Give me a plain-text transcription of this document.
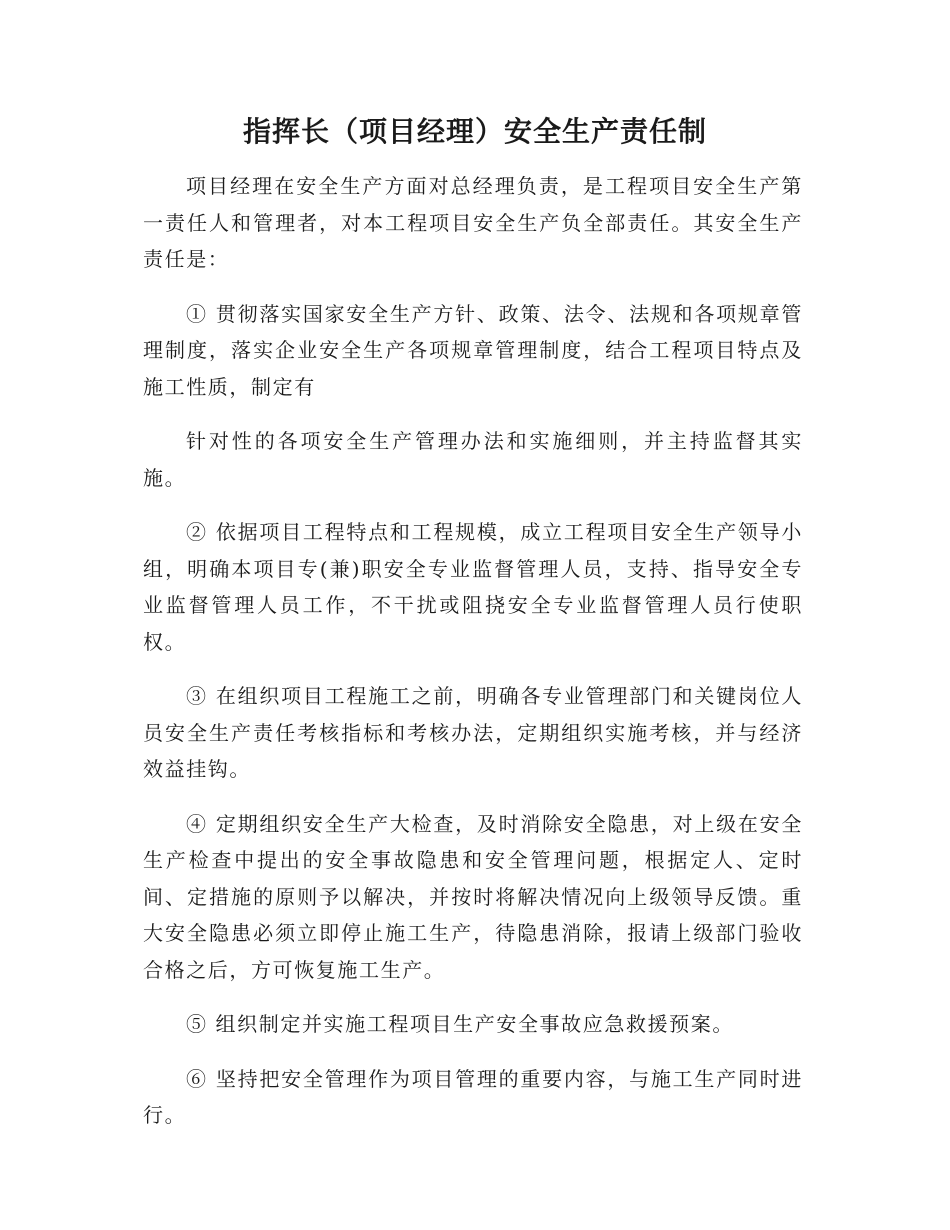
指挥长（项目经理）安全生产责任制

项目经理在安全生产方面对总经理负责，是工程项目安全生产第一责任人和管理者，对本工程项目安全生产负全部责任。其安全生产责任是：

① 贯彻落实国家安全生产方针、政策、法令、法规和各项规章管理制度，落实企业安全生产各项规章管理制度，结合工程项目特点及施工性质，制定有

针对性的各项安全生产管理办法和实施细则，并主持监督其实施。

② 依据项目工程特点和工程规模，成立工程项目安全生产领导小组，明确本项目专(兼)职安全专业监督管理人员，支持、指导安全专业监督管理人员工作，不干扰或阻挠安全专业监督管理人员行使职权。

③ 在组织项目工程施工之前，明确各专业管理部门和关键岗位人员安全生产责任考核指标和考核办法，定期组织实施考核，并与经济效益挂钩。

④ 定期组织安全生产大检查，及时消除安全隐患，对上级在安全生产检查中提出的安全事故隐患和安全管理问题，根据定人、定时间、定措施的原则予以解决，并按时将解决情况向上级领导反馈。重大安全隐患必须立即停止施工生产，待隐患消除，报请上级部门验收合格之后，方可恢复施工生产。

⑤ 组织制定并实施工程项目生产安全事故应急救援预案。

⑥ 坚持把安全管理作为项目管理的重要内容，与施工生产同时进行。
